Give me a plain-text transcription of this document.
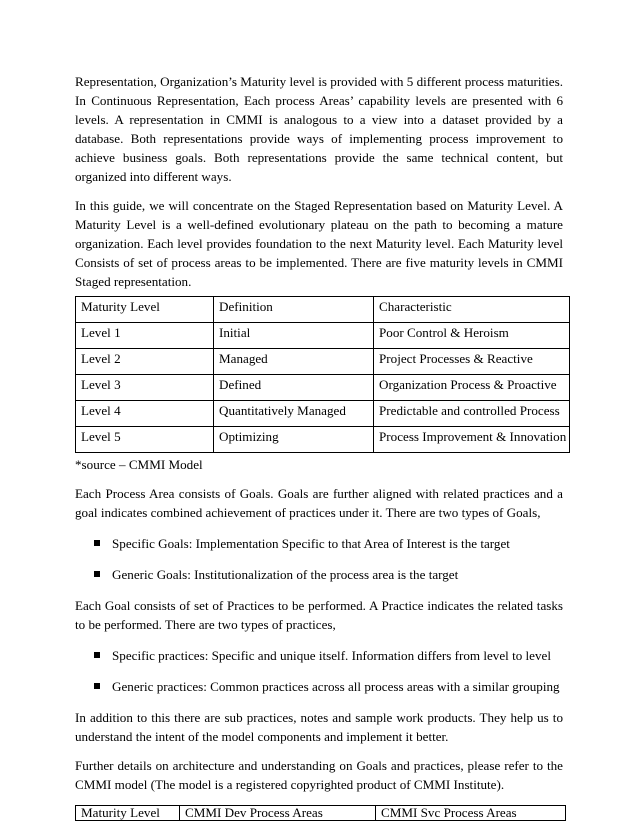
Representation, Organization’s Maturity level is provided with 5 different process maturities. In Continuous Representation, Each process Areas’ capability levels are presented with 6 levels. A representation in CMMI is analogous to a view into a dataset provided by a database. Both representations provide ways of implementing process improvement to achieve business goals. Both representations provide the same technical content, but organized into different ways.

In this guide, we will concentrate on the Staged Representation based on Maturity Level. A Maturity Level is a well-defined evolutionary plateau on the path to becoming a mature organization. Each level provides foundation to the next Maturity level. Each Maturity level Consists of set of process areas to be implemented. There are five maturity levels in CMMI Staged representation.

Maturity Level	Definition	Characteristic
Level 1	Initial	Poor Control & Heroism
Level 2	Managed	Project Processes & Reactive
Level 3	Defined	Organization Process & Proactive
Level 4	Quantitatively Managed	Predictable and controlled Process
Level 5	Optimizing	Process Improvement & Innovation

*source – CMMI Model

Each Process Area consists of Goals. Goals are further aligned with related practices and a goal indicates combined achievement of practices under it. There are two types of Goals,

Specific Goals: Implementation Specific to that Area of Interest is the target
Generic Goals: Institutionalization of the process area is the target

Each Goal consists of set of Practices to be performed. A Practice indicates the related tasks to be performed. There are two types of practices,

Specific practices: Specific and unique itself. Information differs from level to level
Generic practices: Common practices across all process areas with a similar grouping

In addition to this there are sub practices, notes and sample work products. They help us to understand the intent of the model components and implement it better.

Further details on architecture and understanding on Goals and practices, please refer to the CMMI model (The model is a registered copyrighted product of CMMI Institute).

Maturity Level	CMMI Dev Process Areas	CMMI Svc Process Areas
